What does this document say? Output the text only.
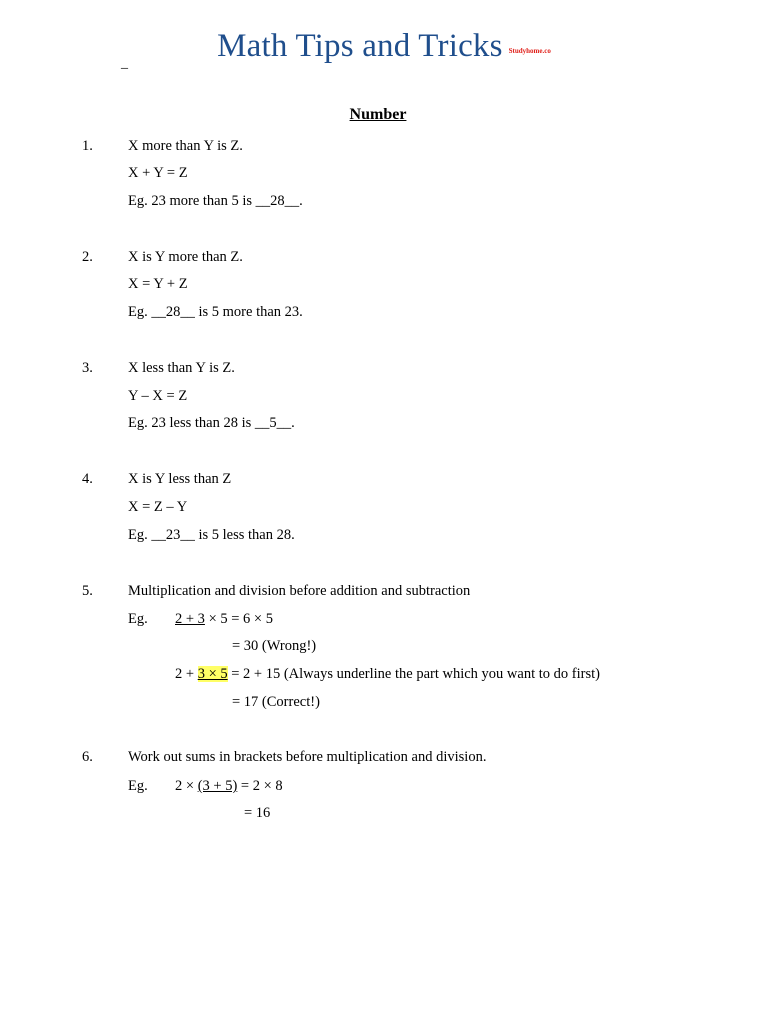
_	Math Tips and Tricks Studyhome.co
Number
1. X more than Y is Z.
X + Y = Z
Eg. 23 more than 5 is __28__.
2. X is Y more than Z.
X = Y + Z
Eg. __28__ is 5 more than 23.
3. X less than Y is Z.
Y – X = Z
Eg. 23 less than 28 is __5__.
4. X is Y less than Z
X = Z – Y
Eg. __23__ is 5 less than 28.
5. Multiplication and division before addition and subtraction
Eg. 2 + 3 × 5 = 6 × 5
= 30 (Wrong!)
2 + 3 × 5 = 2 + 15 (Always underline the part which you want to do first)
= 17 (Correct!)
6. Work out sums in brackets before multiplication and division.
Eg. 2 × (3 + 5) = 2 × 8
= 16
